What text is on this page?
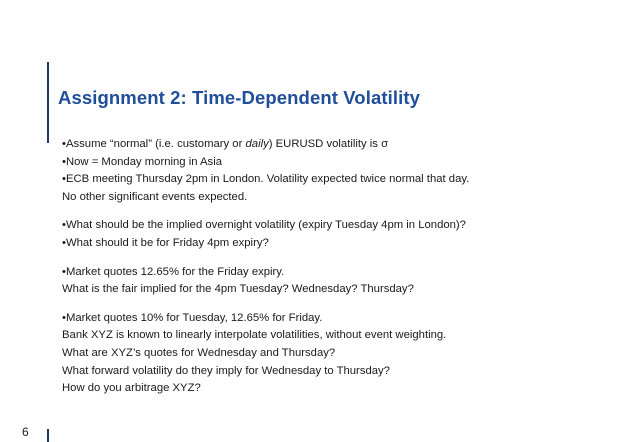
Assignment 2: Time-Dependent Volatility
•Assume “normal” (i.e. customary or daily) EURUSD volatility is σ
•Now = Monday morning in Asia
•ECB meeting Thursday 2pm in London. Volatility expected twice normal that day.
No other significant events expected.
•What should be the implied overnight volatility (expiry Tuesday 4pm in London)?
•What should it be for Friday 4pm expiry?
•Market quotes 12.65% for the Friday expiry.
What is the fair implied for the 4pm Tuesday? Wednesday? Thursday?
•Market quotes 10% for Tuesday, 12.65% for Friday.
Bank XYZ is known to linearly interpolate volatilities, without event weighting.
What are XYZ’s quotes for Wednesday and Thursday?
What forward volatility do they imply for Wednesday to Thursday?
How do you arbitrage XYZ?
6
